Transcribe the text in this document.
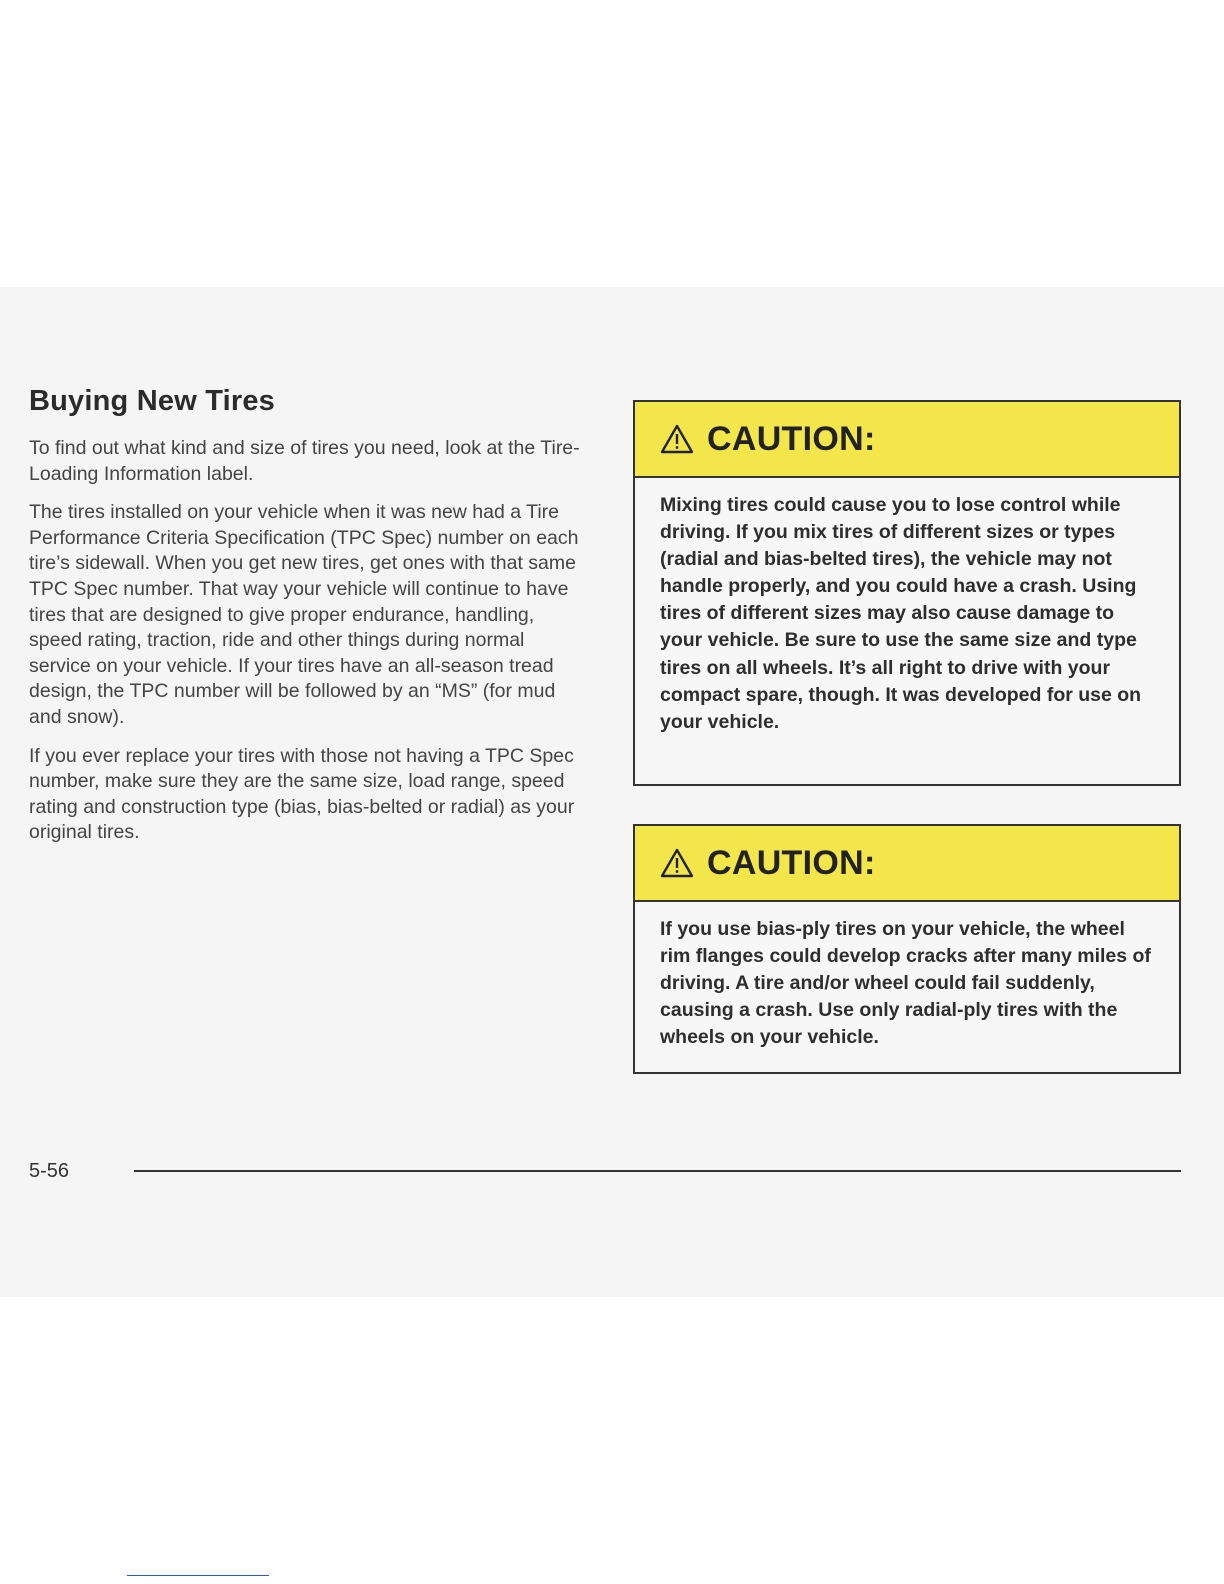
Buying New Tires

To find out what kind and size of tires you need, look at the Tire-Loading Information label.

The tires installed on your vehicle when it was new had a Tire Performance Criteria Specification (TPC Spec) number on each tire’s sidewall. When you get new tires, get ones with that same TPC Spec number. That way your vehicle will continue to have tires that are designed to give proper endurance, handling, speed rating, traction, ride and other things during normal service on your vehicle. If your tires have an all-season tread design, the TPC number will be followed by an “MS” (for mud and snow).

If you ever replace your tires with those not having a TPC Spec number, make sure they are the same size, load range, speed rating and construction type (bias, bias-belted or radial) as your original tires.

CAUTION:

Mixing tires could cause you to lose control while driving. If you mix tires of different sizes or types (radial and bias-belted tires), the vehicle may not handle properly, and you could have a crash. Using tires of different sizes may also cause damage to your vehicle. Be sure to use the same size and type tires on all wheels. It’s all right to drive with your compact spare, though. It was developed for use on your vehicle.

CAUTION:

If you use bias-ply tires on your vehicle, the wheel rim flanges could develop cracks after many miles of driving. A tire and/or wheel could fail suddenly, causing a crash. Use only radial-ply tires with the wheels on your vehicle.

5-56
